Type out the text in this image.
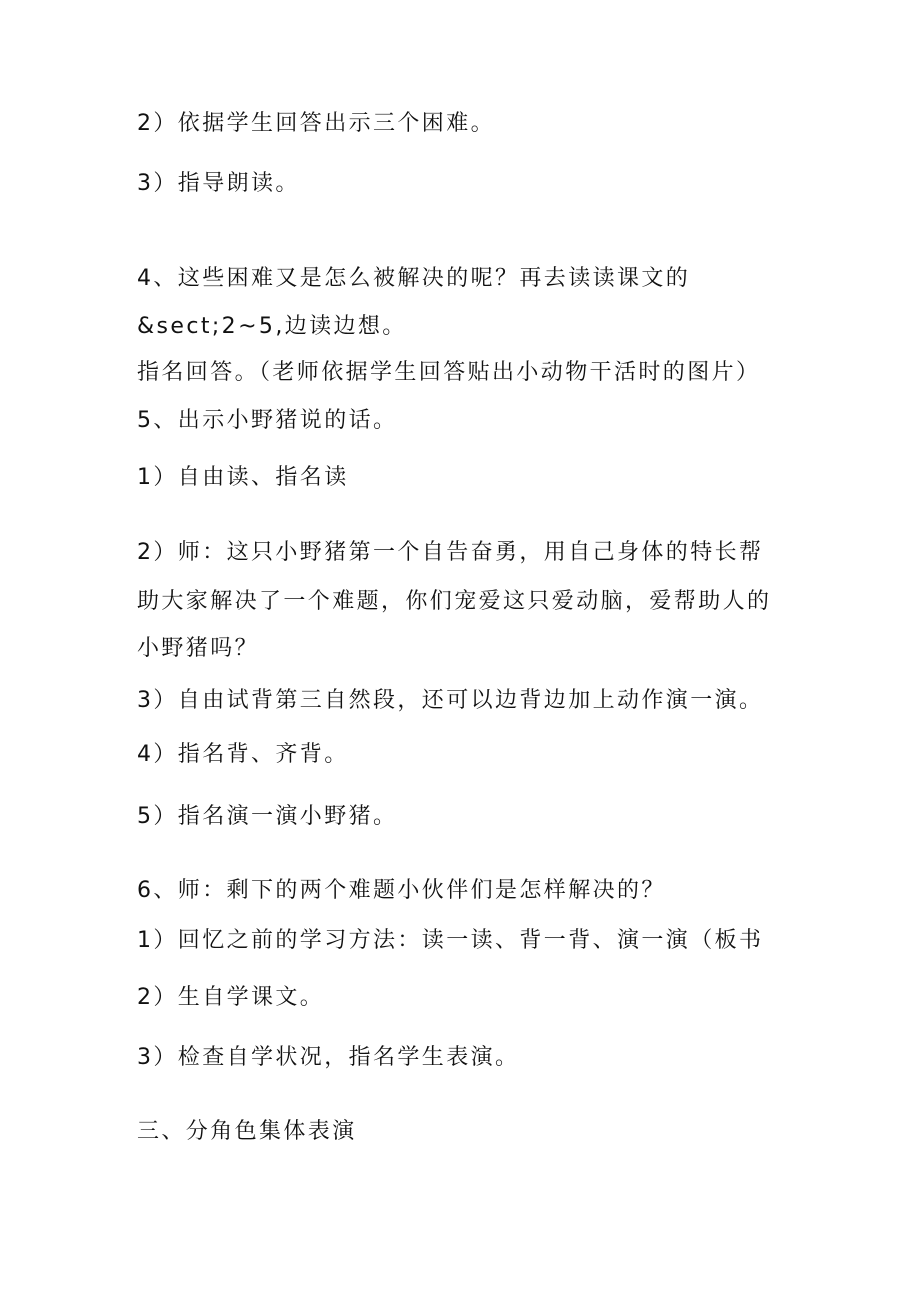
2）依据学生回答出示三个困难。
3）指导朗读。
4、这些困难又是怎么被解决的呢？再去读读课文的
&sect;2~5,边读边想。
指名回答。（老师依据学生回答贴出小动物干活时的图片）
5、出示小野猪说的话。
1）自由读、指名读
2）师：这只小野猪第一个自告奋勇，用自己身体的特长帮
助大家解决了一个难题，你们宠爱这只爱动脑，爱帮助人的
小野猪吗？
3）自由试背第三自然段，还可以边背边加上动作演一演。
4）指名背、齐背。
5）指名演一演小野猪。
6、师：剩下的两个难题小伙伴们是怎样解决的？
1）回忆之前的学习方法：读一读、背一背、演一演（板书
2）生自学课文。
3）检查自学状况，指名学生表演。
三、分角色集体表演
